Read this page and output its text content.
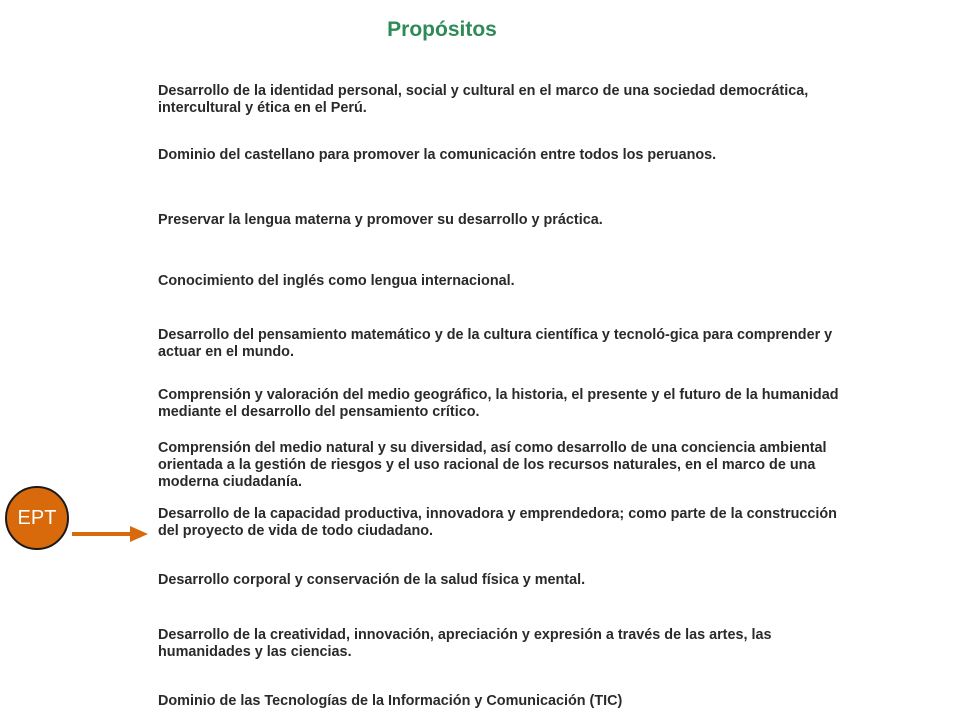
Propósitos

Desarrollo de la identidad personal, social y cultural en el marco de una sociedad democrática, intercultural y ética en el Perú.

Dominio del castellano para promover la comunicación entre todos los peruanos.

Preservar la lengua materna y promover su desarrollo y práctica.

Conocimiento del inglés como lengua internacional.

Desarrollo del pensamiento matemático y de la cultura científica y tecnoló-gica para comprender y actuar en el mundo.

Comprensión y valoración del medio geográfico, la historia, el presente y el futuro de la humanidad mediante el desarrollo del pensamiento crítico.

Comprensión del medio natural y su diversidad, así como desarrollo de una conciencia ambiental orientada a la gestión de riesgos y el uso racional de los recursos naturales, en el marco de una moderna ciudadanía.

Desarrollo de la capacidad productiva, innovadora y emprendedora; como parte de la construcción del proyecto de vida de todo ciudadano.

Desarrollo corporal y conservación de la salud física y mental.

Desarrollo de la creatividad, innovación, apreciación y expresión a través de las artes, las humanidades y las ciencias.

Dominio de las Tecnologías de la Información y Comunicación (TIC)

EPT
